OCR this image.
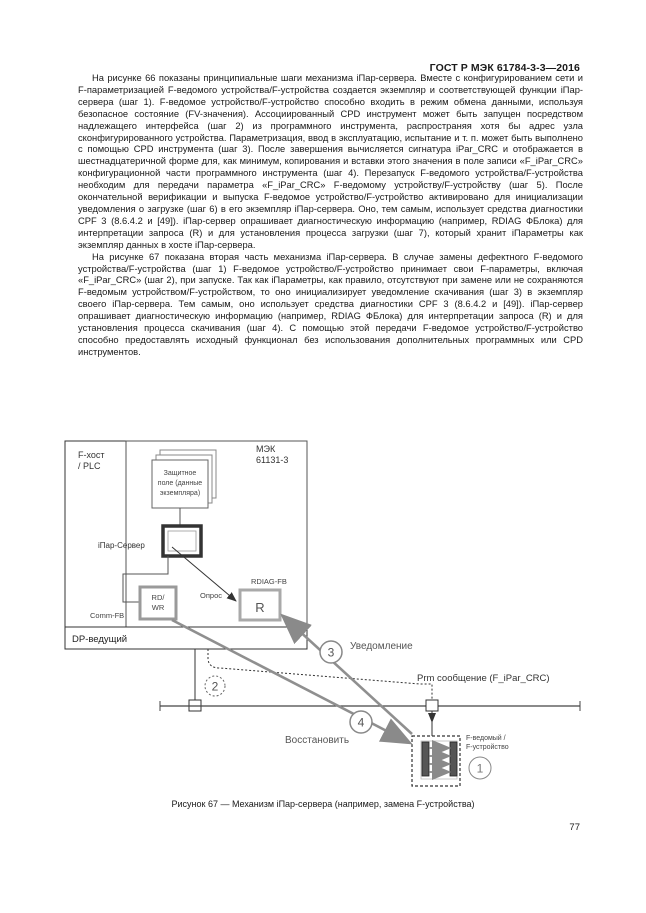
ГОСТ Р МЭК 61784-3-3—2016

На рисунке 66 показаны принципиальные шаги механизма iПap-сервера. Вместе с конфигурированием сети и F-параметризацией F-ведомого устройства/F-устройства создается экземпляр и соответствующей функции iПap-сервера (шаг 1). F-ведомое устройство/F-устройство способно входить в режим обмена данными, используя безопасное состояние (FV-значения). Ассоциированный CPD инструмент может быть запущен посредством надлежащего интерфейса (шаг 2) из программного инструмента, распространяя хотя бы адрес узла сконфигурированного устройства. Параметризация, ввод в эксплуатацию, испытание и т. п. может быть выполнено с помощью CPD инструмента (шаг 3). После завершения вычисляется сигнатура iPar_CRC и отображается в шестнадцатеричной форме для, как минимум, копирования и вставки этого значения в поле записи «F_iPar_CRC» конфигурационной части программного инструмента (шаг 4). Перезапуск F-ведомого устройства/F-устройства необходим для передачи параметра «F_iPar_CRC» F-ведомому устройству/F-устройству (шаг 5). После окончательной верификации и выпуска F-ведомое устройство/F-устройство активировано для инициализации уведомления о загрузке (шаг 6) в его экземпляр iПap-сервера. Оно, тем самым, использует средства диагностики CPF 3 (8.6.4.2 и [49]). iПap-сервер опрашивает диагностическую информацию (например, RDIAG ФБлока) для интерпретации запроса (R) и для установления процесса загрузки (шаг 7), который хранит iПapаметры как экземпляр данных в хосте iПap-сервера.

На рисунке 67 показана вторая часть механизма iПap-сервера. В случае замены дефектного F-ведомого устройства/F-устройства (шаг 1) F-ведомое устройство/F-устройство принимает свои F-параметры, включая «F_iPar_CRC» (шаг 2), при запуске. Так как iПapаметры, как правило, отсутствуют при замене или не сохраняются F-ведомым устройством/F-устройством, то оно инициализирует уведомление скачивания (шаг 3) в экземпляр своего iПap-сервера. Тем самым, оно использует средства диагностики CPF 3 (8.6.4.2 и [49]). iПap-сервер опрашивает диагностическую информацию (например, RDIAG ФБлока) для интерпретации запроса (R) и для установления процесса скачивания (шаг 4). С помощью этой передачи F-ведомое устройство/F-устройство способно предоставлять исходный функционал без использования дополнительных программных или CPD инструментов.

F-хост
/ PLC
МЭК
61131-3
Защитное
поле (данные
экземпляра)
iПap-Сервер
RDIAG-FB
Опрос
Comm-FB
RD/
WR	R
DP-ведущий
F-ведомый /
F-устройство
3
2
4
1
Уведомление
Prm сообщение (F_iPar_CRC)
Восстановить
Рисунок 67 — Механизм iПap-сервера (например, замена F-устройства)
77
